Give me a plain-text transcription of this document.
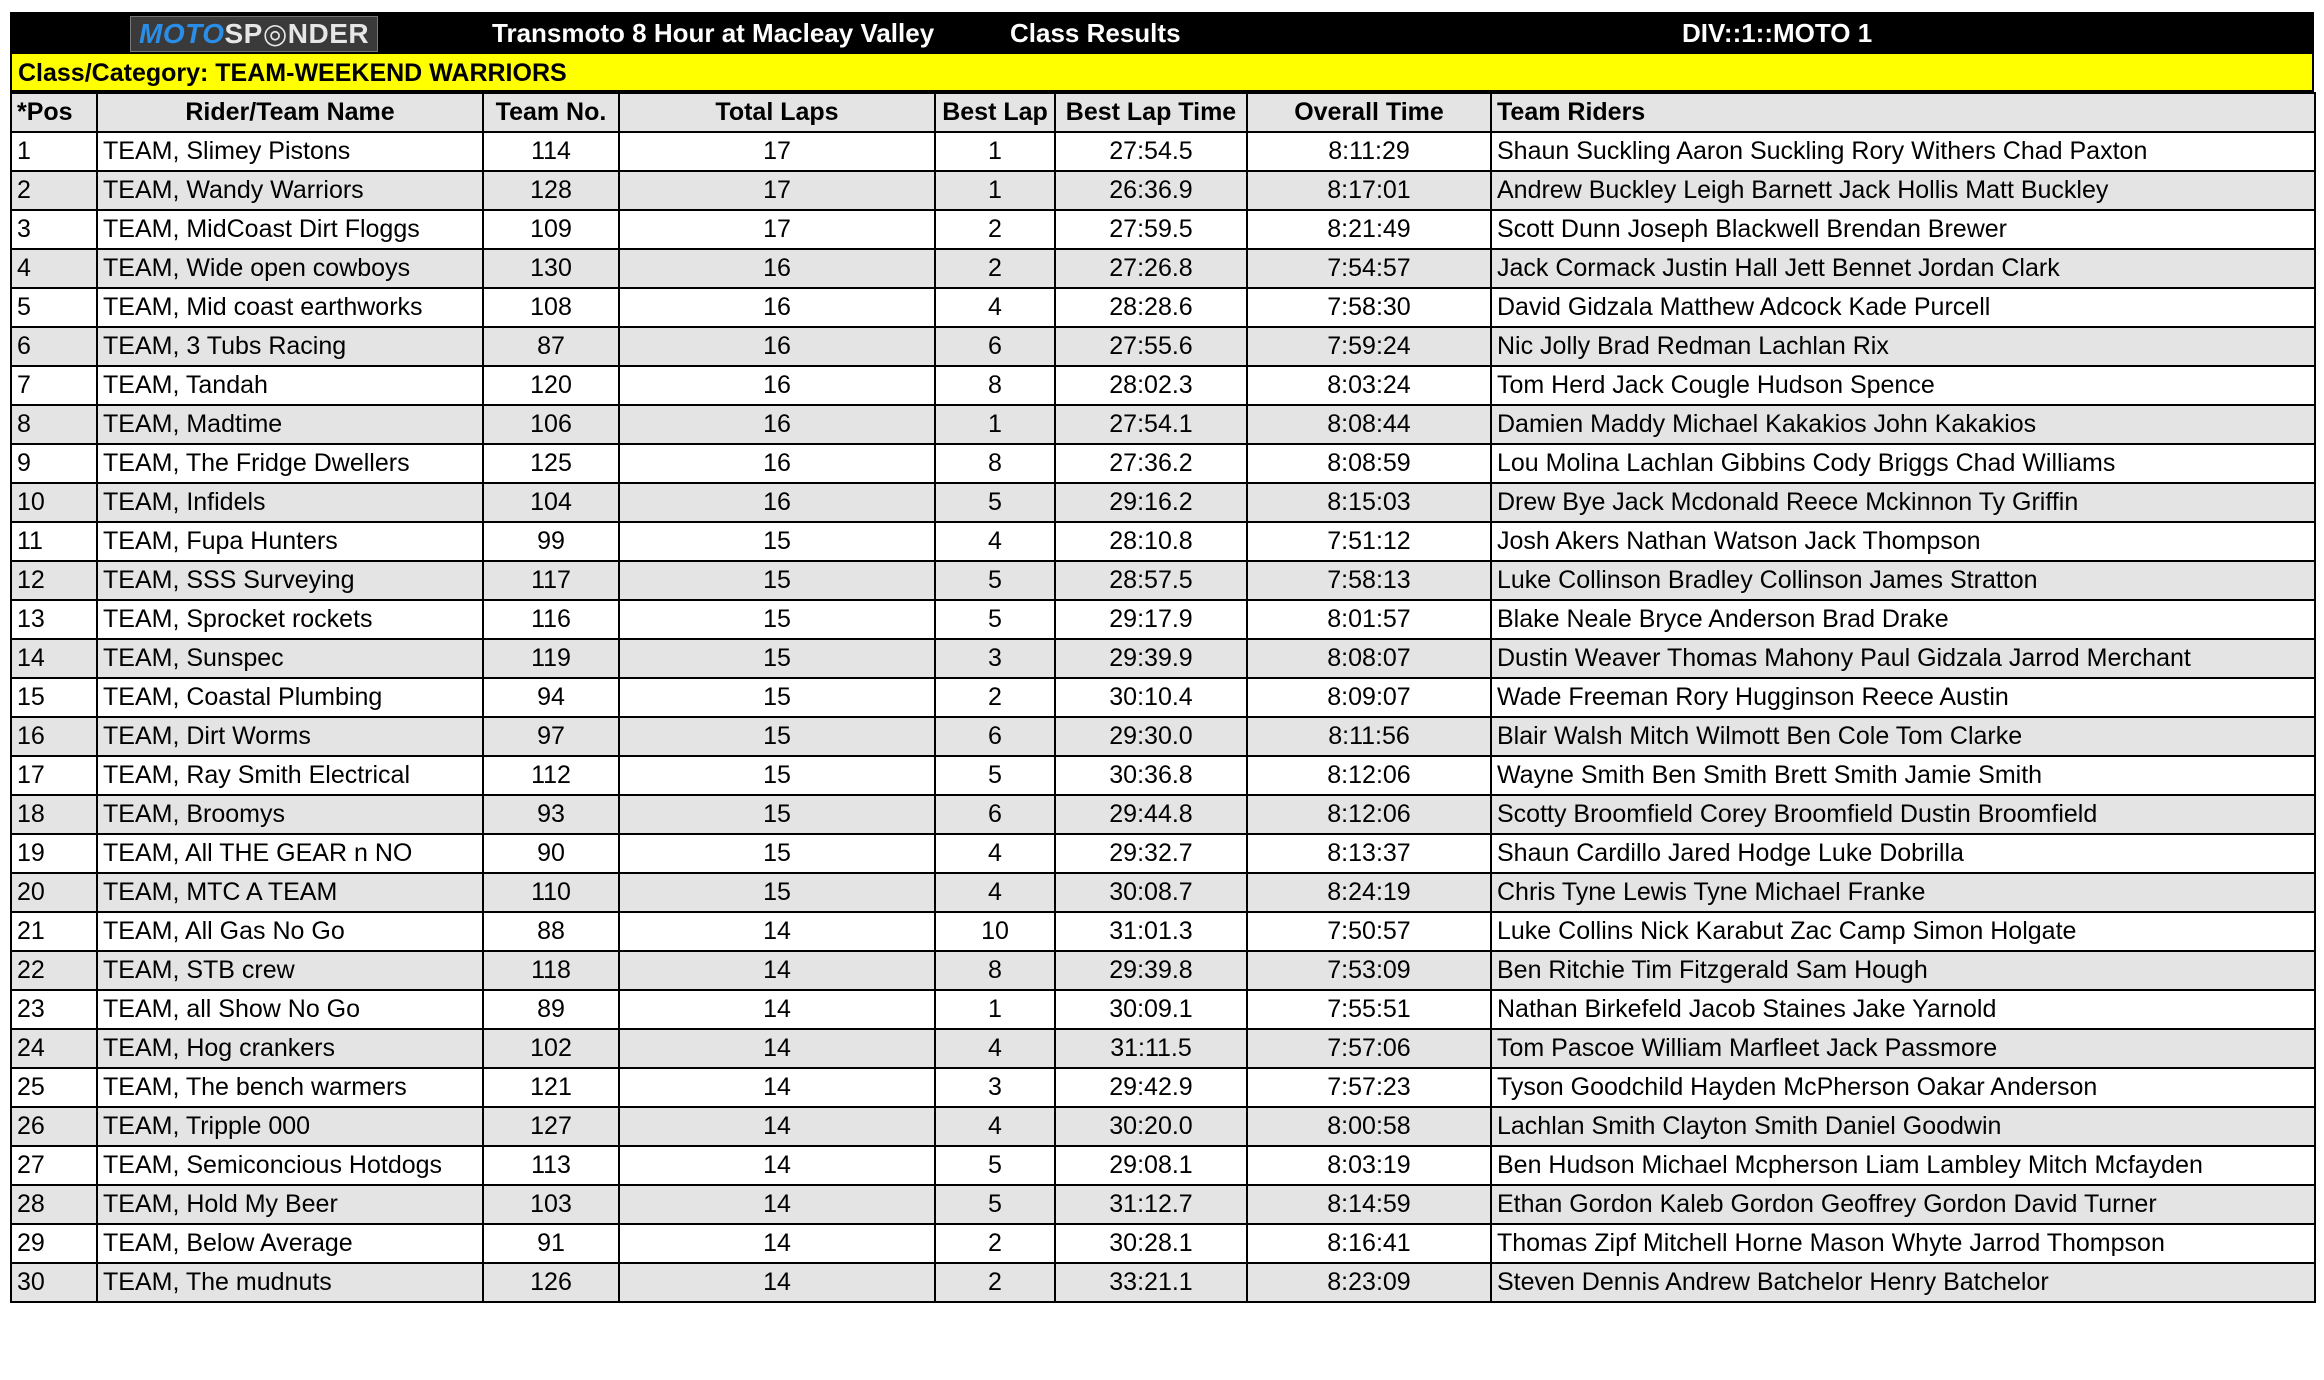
MOTOSP◎NDER	Transmoto 8 Hour at Macleay Valley	Class Results	DIV::1::MOTO 1
Class/Category: TEAM-WEEKEND WARRIORS
*Pos	Rider/Team Name	Team No.	Total Laps	Best Lap	Best Lap Time	Overall Time	Team Riders
1	TEAM, Slimey Pistons	114	17	1	27:54.5	8:11:29	Shaun Suckling Aaron Suckling Rory Withers Chad Paxton
2	TEAM, Wandy Warriors	128	17	1	26:36.9	8:17:01	Andrew Buckley Leigh Barnett Jack Hollis Matt Buckley
3	TEAM, MidCoast Dirt Floggs	109	17	2	27:59.5	8:21:49	Scott Dunn Joseph Blackwell Brendan Brewer
4	TEAM, Wide open cowboys	130	16	2	27:26.8	7:54:57	Jack Cormack Justin Hall Jett Bennet Jordan Clark
5	TEAM, Mid coast earthworks	108	16	4	28:28.6	7:58:30	David Gidzala Matthew Adcock Kade Purcell
6	TEAM, 3 Tubs Racing	87	16	6	27:55.6	7:59:24	Nic Jolly Brad Redman Lachlan Rix
7	TEAM, Tandah	120	16	8	28:02.3	8:03:24	Tom Herd Jack Cougle Hudson Spence
8	TEAM, Madtime	106	16	1	27:54.1	8:08:44	Damien Maddy Michael Kakakios John Kakakios
9	TEAM, The Fridge Dwellers	125	16	8	27:36.2	8:08:59	Lou Molina Lachlan Gibbins Cody Briggs Chad Williams
10	TEAM, Infidels	104	16	5	29:16.2	8:15:03	Drew Bye Jack Mcdonald Reece Mckinnon Ty Griffin
11	TEAM, Fupa Hunters	99	15	4	28:10.8	7:51:12	Josh Akers Nathan Watson Jack Thompson
12	TEAM, SSS Surveying	117	15	5	28:57.5	7:58:13	Luke Collinson Bradley Collinson James Stratton
13	TEAM, Sprocket rockets	116	15	5	29:17.9	8:01:57	Blake Neale Bryce Anderson Brad Drake
14	TEAM, Sunspec	119	15	3	29:39.9	8:08:07	Dustin Weaver Thomas Mahony Paul Gidzala Jarrod Merchant
15	TEAM, Coastal Plumbing	94	15	2	30:10.4	8:09:07	Wade Freeman Rory Hugginson Reece Austin
16	TEAM, Dirt Worms	97	15	6	29:30.0	8:11:56	Blair Walsh Mitch Wilmott Ben Cole Tom Clarke
17	TEAM, Ray Smith Electrical	112	15	5	30:36.8	8:12:06	Wayne Smith Ben Smith Brett Smith Jamie Smith
18	TEAM, Broomys	93	15	6	29:44.8	8:12:06	Scotty Broomfield Corey Broomfield Dustin Broomfield
19	TEAM, All THE GEAR n NO	90	15	4	29:32.7	8:13:37	Shaun Cardillo Jared Hodge Luke Dobrilla
20	TEAM, MTC A TEAM	110	15	4	30:08.7	8:24:19	Chris Tyne Lewis Tyne Michael Franke
21	TEAM, All Gas No Go	88	14	10	31:01.3	7:50:57	Luke Collins Nick Karabut Zac Camp Simon Holgate
22	TEAM, STB crew	118	14	8	29:39.8	7:53:09	Ben Ritchie Tim Fitzgerald Sam Hough
23	TEAM, all Show No Go	89	14	1	30:09.1	7:55:51	Nathan Birkefeld Jacob Staines Jake Yarnold
24	TEAM, Hog crankers	102	14	4	31:11.5	7:57:06	Tom Pascoe William Marfleet Jack Passmore
25	TEAM, The bench warmers	121	14	3	29:42.9	7:57:23	Tyson Goodchild Hayden McPherson Oakar Anderson
26	TEAM, Tripple 000	127	14	4	30:20.0	8:00:58	Lachlan Smith Clayton Smith Daniel Goodwin
27	TEAM, Semiconcious Hotdogs	113	14	5	29:08.1	8:03:19	Ben Hudson Michael Mcpherson Liam Lambley Mitch Mcfayden
28	TEAM, Hold My Beer	103	14	5	31:12.7	8:14:59	Ethan Gordon Kaleb Gordon Geoffrey Gordon David Turner
29	TEAM, Below Average	91	14	2	30:28.1	8:16:41	Thomas Zipf Mitchell Horne Mason Whyte Jarrod Thompson
30	TEAM, The mudnuts	126	14	2	33:21.1	8:23:09	Steven Dennis Andrew Batchelor Henry Batchelor
